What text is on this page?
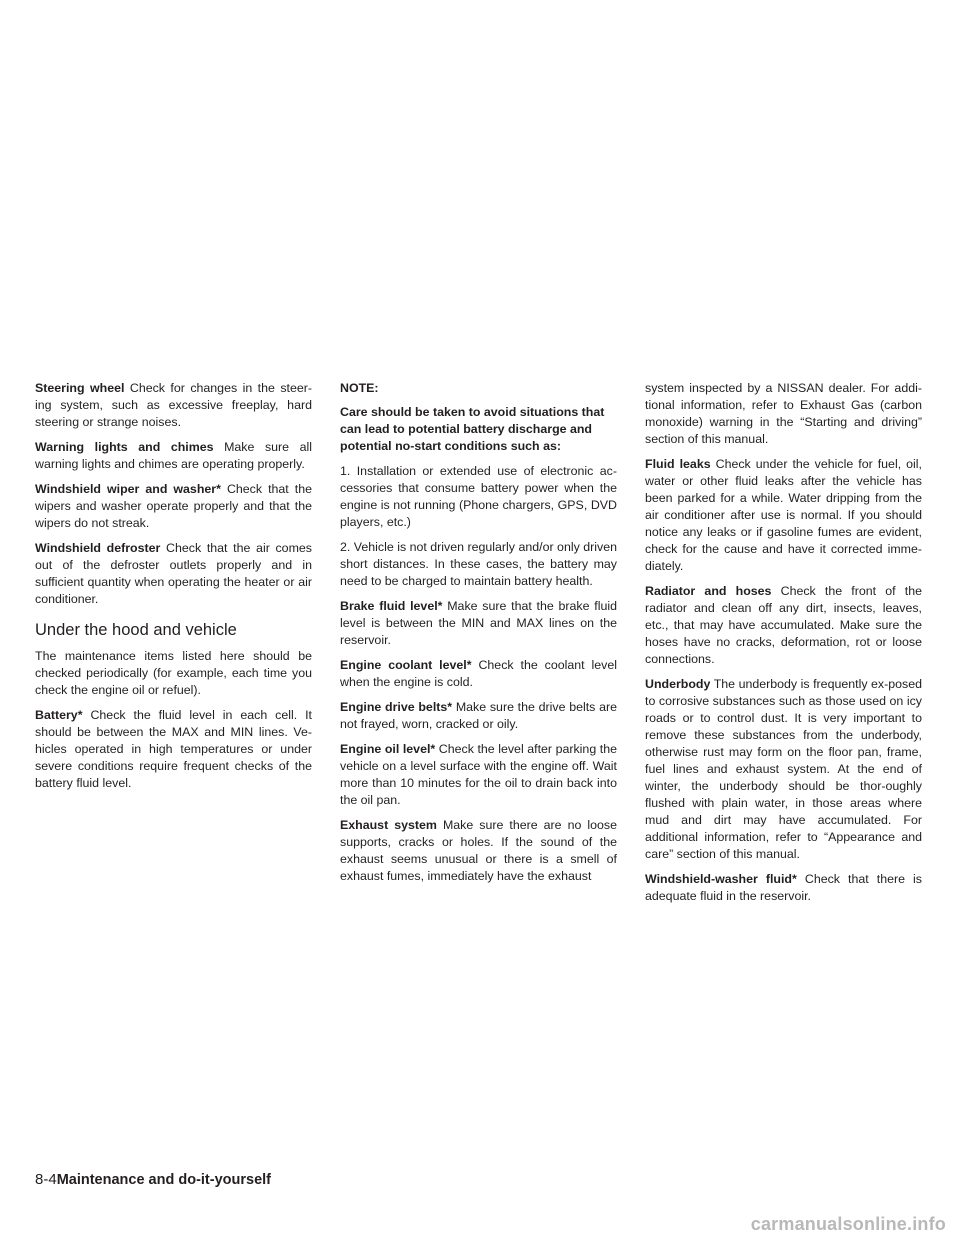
Steering wheel Check for changes in the steer-ing system, such as excessive freeplay, hard steering or strange noises.

Warning lights and chimes Make sure all warning lights and chimes are operating properly.

Windshield wiper and washer* Check that the wipers and washer operate properly and that the wipers do not streak.

Windshield defroster Check that the air comes out of the defroster outlets properly and in sufficient quantity when operating the heater or air conditioner.

Under the hood and vehicle

The maintenance items listed here should be checked periodically (for example, each time you check the engine oil or refuel).

Battery* Check the fluid level in each cell. It should be between the MAX and MIN lines. Ve-hicles operated in high temperatures or under severe conditions require frequent checks of the battery fluid level.

NOTE:

Care should be taken to avoid situations that can lead to potential battery discharge and potential no-start conditions such as:

1. Installation or extended use of electronic ac-cessories that consume battery power when the engine is not running (Phone chargers, GPS, DVD players, etc.)

2. Vehicle is not driven regularly and/or only driven short distances. In these cases, the battery may need to be charged to maintain battery health.

Brake fluid level* Make sure that the brake fluid level is between the MIN and MAX lines on the reservoir.

Engine coolant level* Check the coolant level when the engine is cold.

Engine drive belts* Make sure the drive belts are not frayed, worn, cracked or oily.

Engine oil level* Check the level after parking the vehicle on a level surface with the engine off. Wait more than 10 minutes for the oil to drain back into the oil pan.

Exhaust system Make sure there are no loose supports, cracks or holes. If the sound of the exhaust seems unusual or there is a smell of exhaust fumes, immediately have the exhaust

system inspected by a NISSAN dealer. For addi-tional information, refer to Exhaust Gas (carbon monoxide) warning in the “Starting and driving” section of this manual.

Fluid leaks Check under the vehicle for fuel, oil, water or other fluid leaks after the vehicle has been parked for a while. Water dripping from the air conditioner after use is normal. If you should notice any leaks or if gasoline fumes are evident, check for the cause and have it corrected imme-diately.

Radiator and hoses Check the front of the radiator and clean off any dirt, insects, leaves, etc., that may have accumulated. Make sure the hoses have no cracks, deformation, rot or loose connections.

Underbody The underbody is frequently ex-posed to corrosive substances such as those used on icy roads or to control dust. It is very important to remove these substances from the underbody, otherwise rust may form on the floor pan, frame, fuel lines and exhaust system. At the end of winter, the underbody should be thor-oughly flushed with plain water, in those areas where mud and dirt may have accumulated. For additional information, refer to “Appearance and care” section of this manual.

Windshield-washer fluid* Check that there is adequate fluid in the reservoir.

8-4Maintenance and do-it-yourself
carmanualsonline.info
